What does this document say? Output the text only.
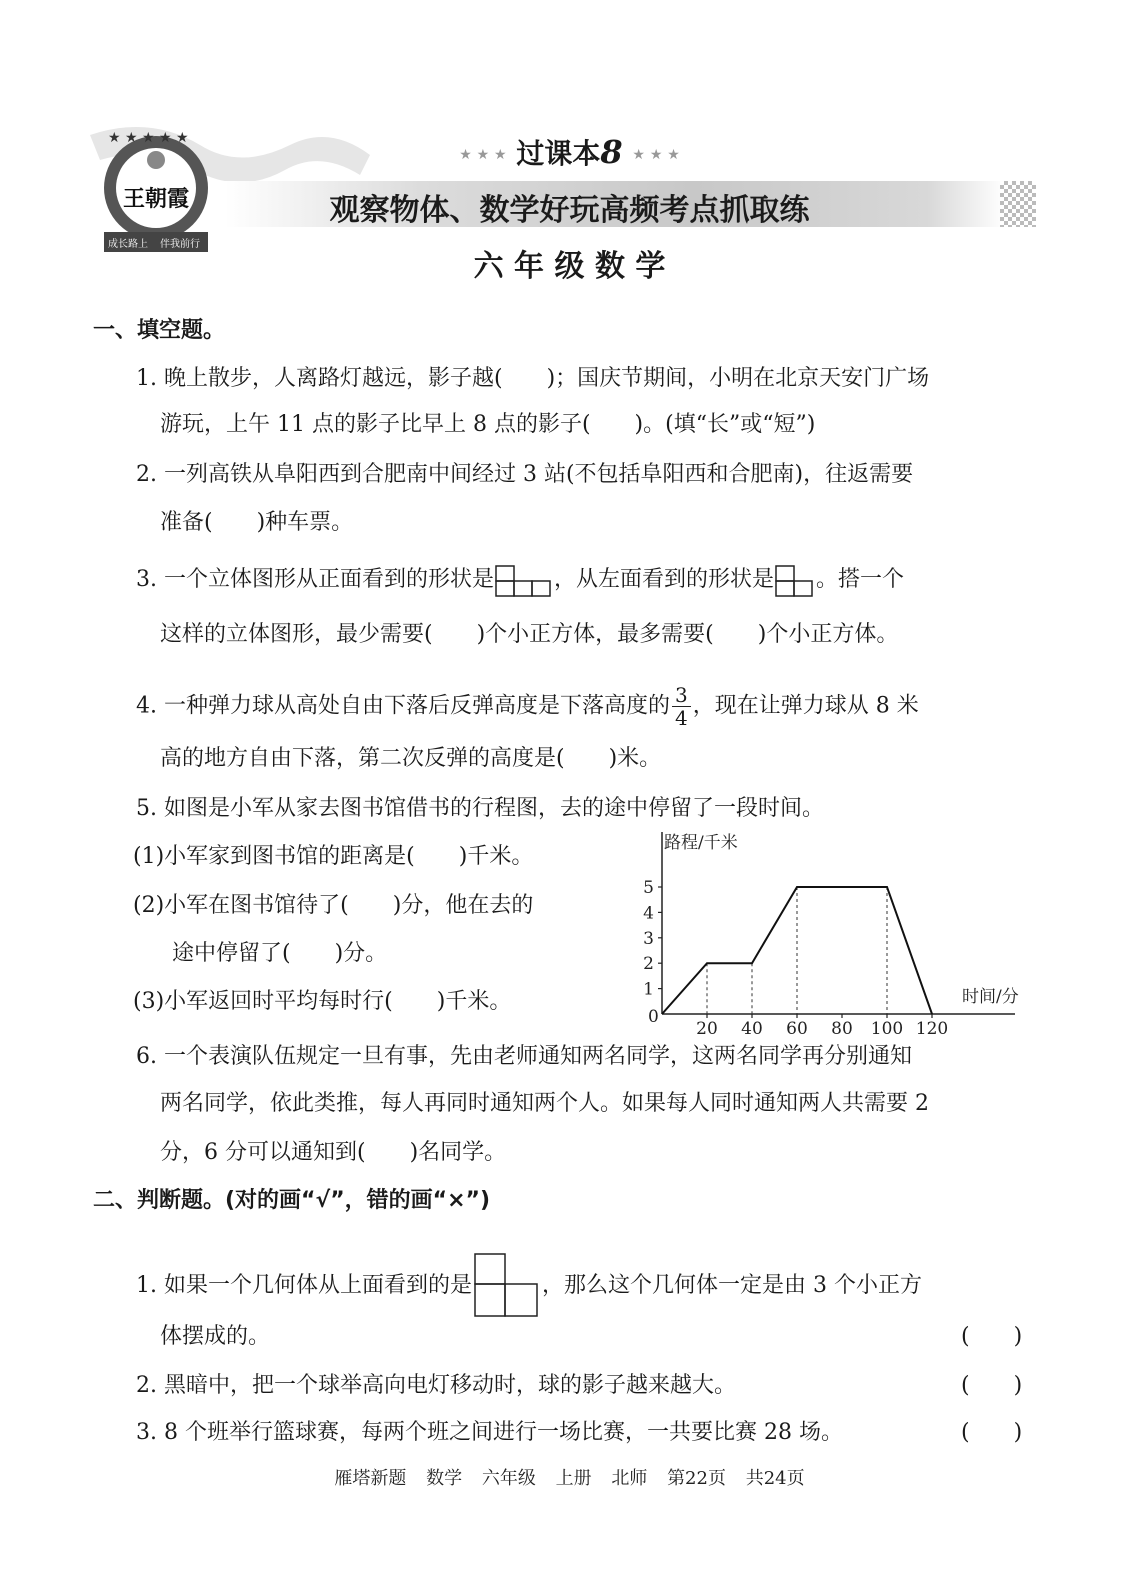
★ ★ ★ ★ ★
王朝霞
成长路上 伴我前行
★ ★ ★ 过课本8 ★ ★ ★
观察物体、数学好玩高频考点抓取练
六 年 级 数 学
一、填空题。
1. 晚上散步，人离路灯越远，影子越(　　)；国庆节期间，小明在北京天安门广场
游玩，上午 11 点的影子比早上 8 点的影子(　　)。(填“长”或“短”)
2. 一列高铁从阜阳西到合肥南中间经过 3 站(不包括阜阳西和合肥南)，往返需要
准备(　　)种车票。
3. 一个立体图形从正面看到的形状是	，从左面看到的形状是 。搭一个
这样的立体图形，最少需要(　　)个小正方体，最多需要(　　)个小正方体。
4. 一种弹力球从高处自由下落后反弹高度是下落高度的 $\frac{3}{4}$ ，现在让弹力球从 8 米
高的地方自由下落，第二次反弹的高度是(　　)米。
5. 如图是小军从家去图书馆借书的行程图，去的途中停留了一段时间。
(1)小军家到图书馆的距离是(　　)千米。
(2)小军在图书馆待了(　　)分，他在去的
途中停留了(　　)分。
(3)小军返回时平均每时行(　　)千米。
路程/千米
时间/分
0
1
2
3
4
5
20 40 60 80 100 120
6. 一个表演队伍规定一旦有事，先由老师通知两名同学，这两名同学再分别通知
两名同学，依此类推，每人再同时通知两个人。如果每人同时通知两人共需要 2
分，6 分可以通知到(　　)名同学。
二、判断题。(对的画“√”，错的画“×”)
1. 如果一个几何体从上面看到的是	，那么这个几何体一定是由 3 个小正方
体摆成的。	(　　)
2. 黑暗中，把一个球举高向电灯移动时，球的影子越来越大。	(　　)
3. 8 个班举行篮球赛，每两个班之间进行一场比赛，一共要比赛 28 场。	(　　)
雁塔新题 数学 六年级 上册 北师 第22页 共24页
